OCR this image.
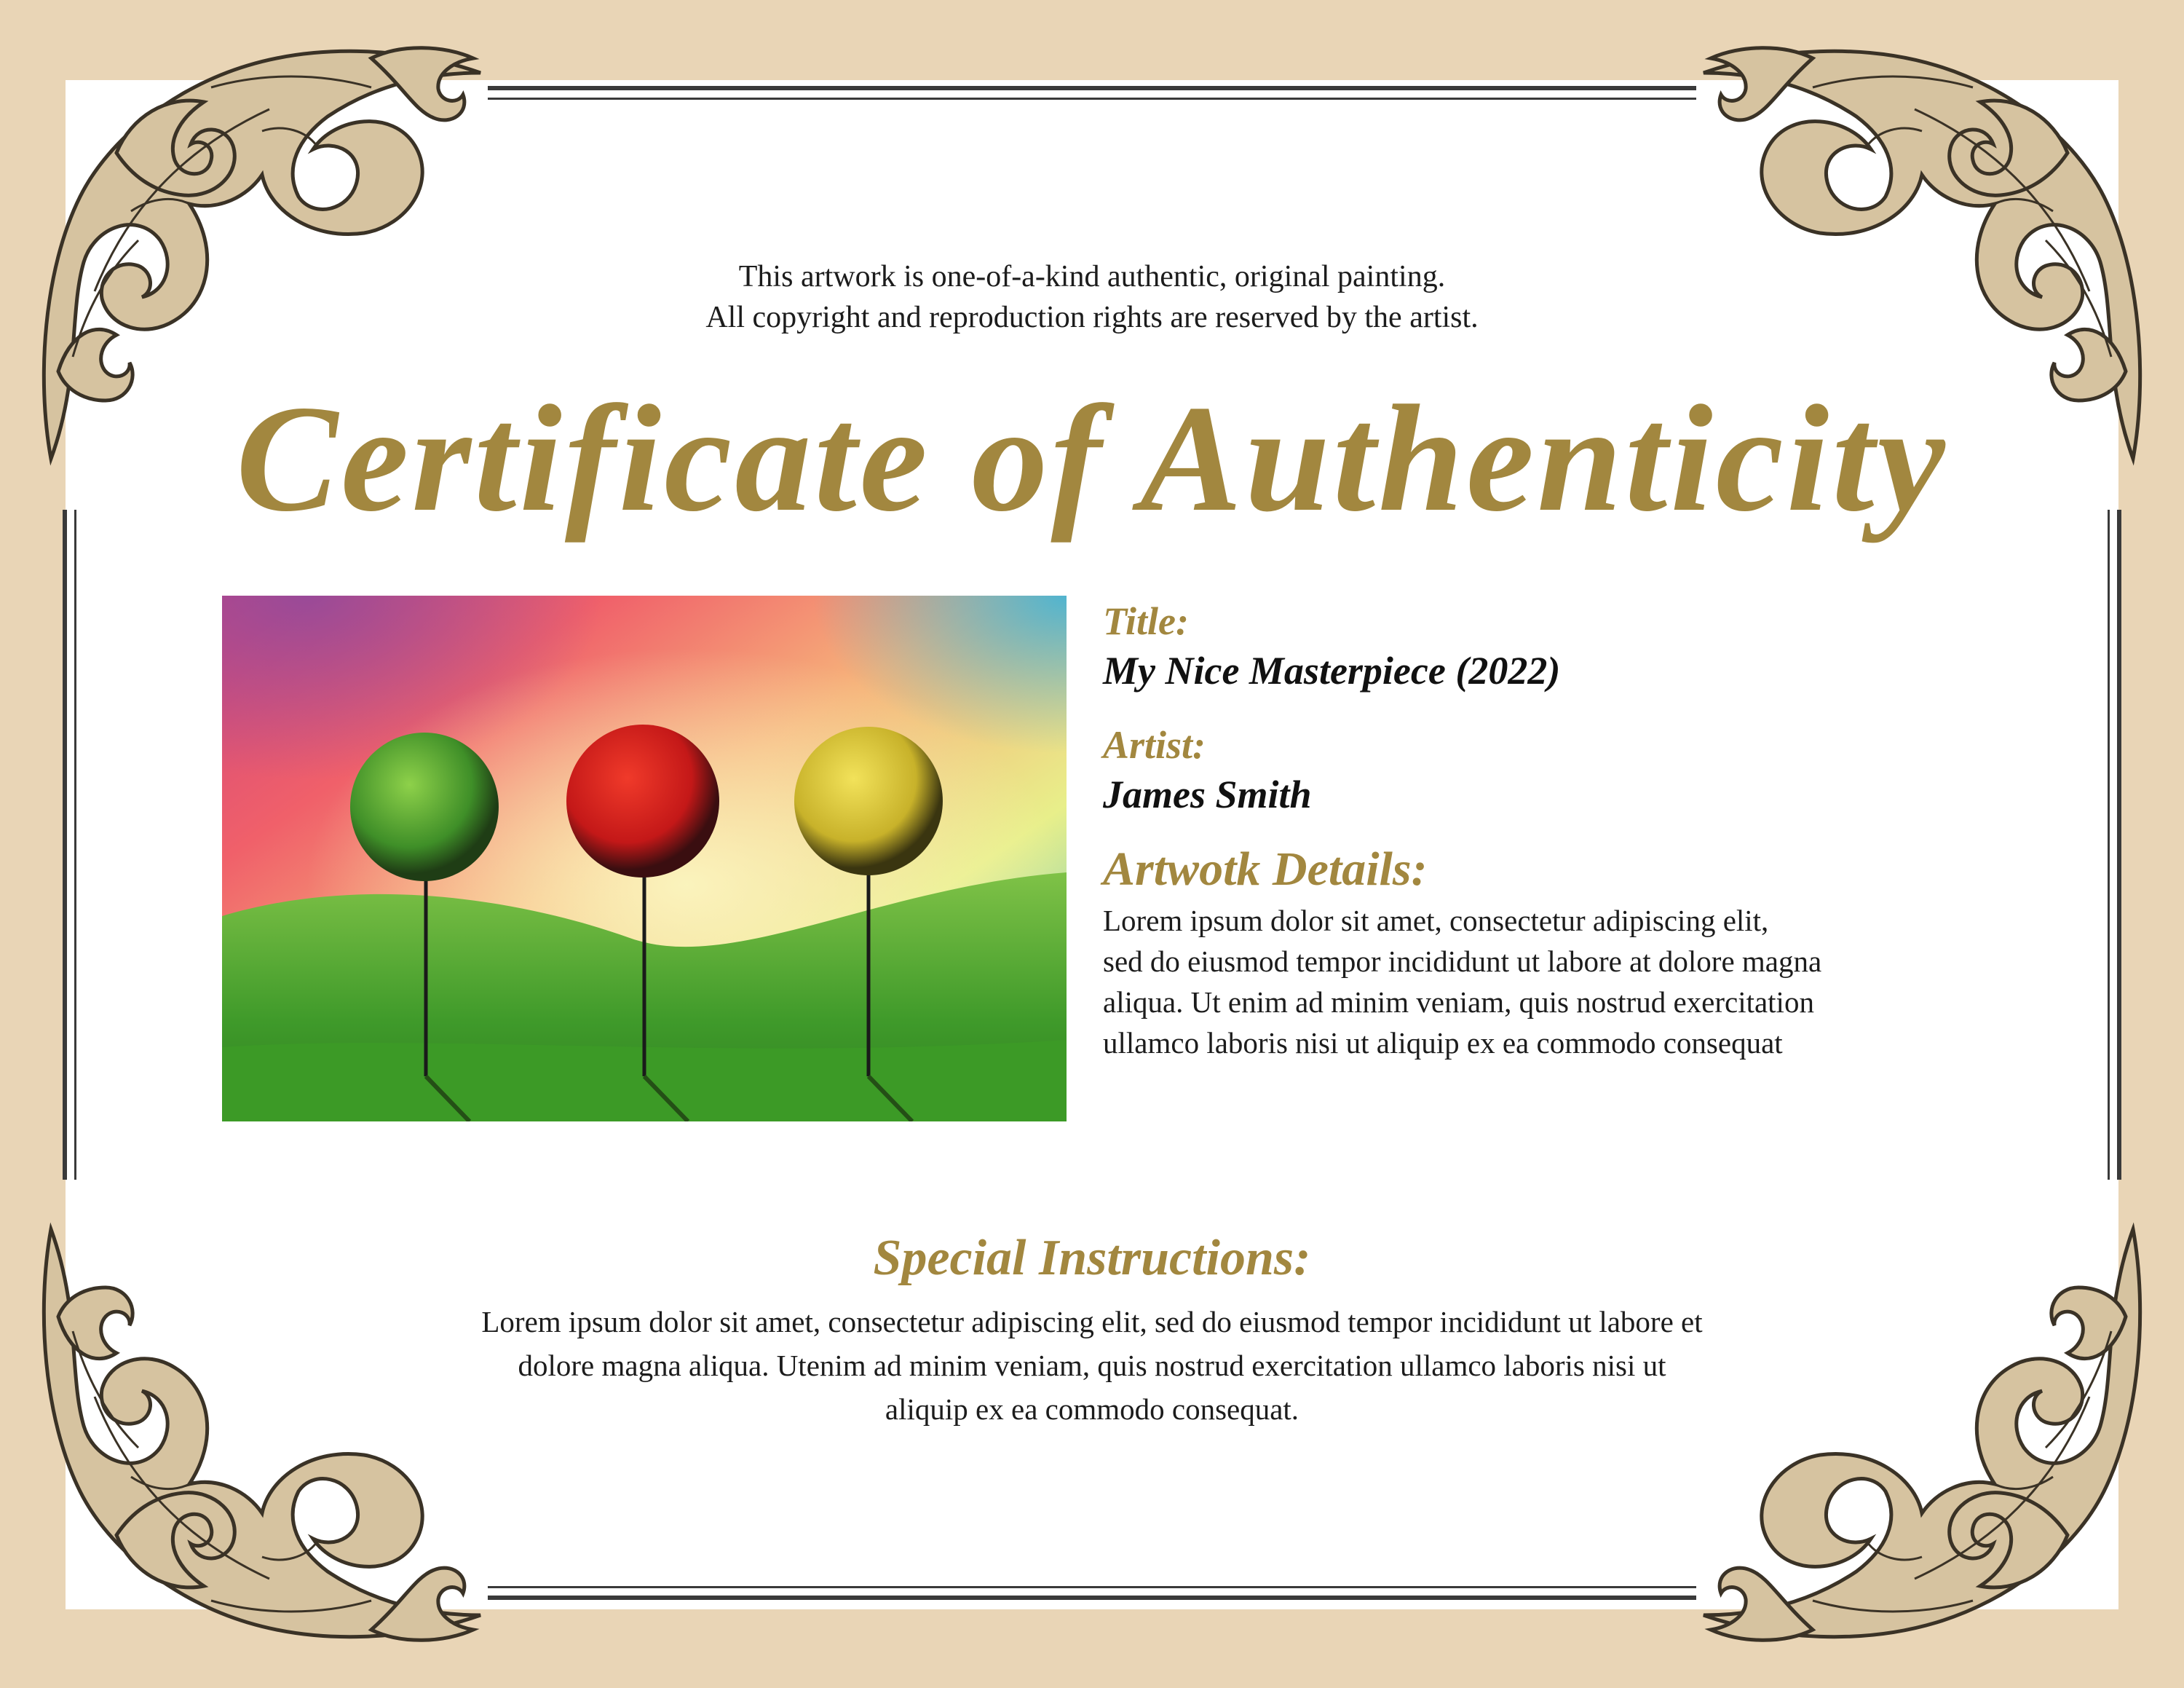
This artwork is one-of-a-kind authentic, original painting.
All copyright and reproduction rights are reserved by the artist.
Certificate of Authenticity
Title:
My Nice Masterpiece (2022)
Artist:
James Smith
Artwotk Details:
Lorem ipsum dolor sit amet, consectetur adipiscing elit,
sed do eiusmod tempor incididunt ut labore at dolore magna
aliqua. Ut enim ad minim veniam, quis nostrud exercitation
ullamco laboris nisi ut aliquip ex ea commodo consequat
Special Instructions:
Lorem ipsum dolor sit amet, consectetur adipiscing elit, sed do eiusmod tempor incididunt ut labore et
dolore magna aliqua. Utenim ad minim veniam, quis nostrud exercitation ullamco laboris nisi ut
aliquip ex ea commodo consequat.
